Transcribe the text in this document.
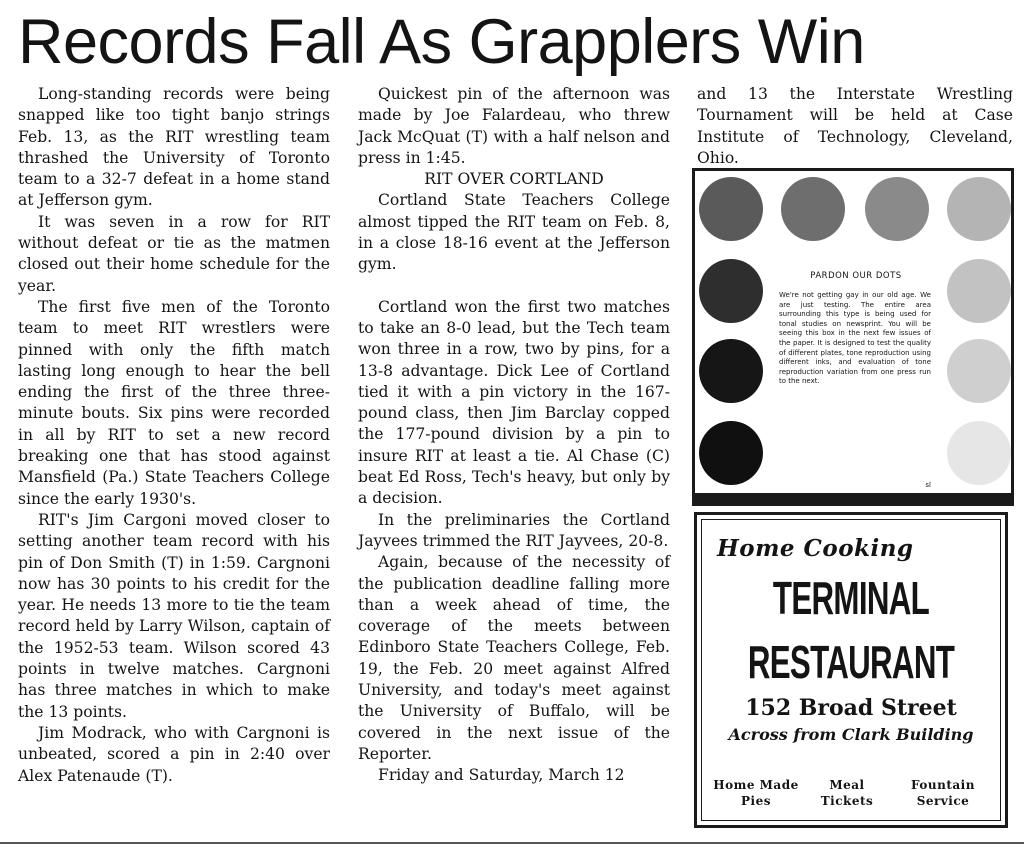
Records Fall As Grapplers Win

Long-standing records were being snapped like too tight banjo strings Feb. 13, as the RIT wrestling team thrashed the University of Toronto team to a 32-7 defeat in a home stand at Jefferson gym.

It was seven in a row for RIT without defeat or tie as the matmen closed out their home schedule for the year.

The first five men of the Toronto team to meet RIT wrestlers were pinned with only the fifth match lasting long enough to hear the bell ending the first of the three three-minute bouts. Six pins were recorded in all by RIT to set a new record breaking one that has stood against Mansfield (Pa.) State Teachers College since the early 1930's.

RIT's Jim Cargoni moved closer to setting another team record with his pin of Don Smith (T) in 1:59. Cargnoni now has 30 points to his credit for the year. He needs 13 more to tie the team record held by Larry Wilson, captain of the 1952-53 team. Wilson scored 43 points in twelve matches. Cargnoni has three matches in which to make the 13 points.

Jim Modrack, who with Cargnoni is unbeated, scored a pin in 2:40 over Alex Patenaude (T).

Quickest pin of the afternoon was made by Joe Falardeau, who threw Jack McQuat (T) with a half nelson and press in 1:45.

RIT OVER CORTLAND

Cortland State Teachers College almost tipped the RIT team on Feb. 8, in a close 18-16 event at the Jefferson gym.

Cortland won the first two matches to take an 8-0 lead, but the Tech team won three in a row, two by pins, for a 13-8 advantage. Dick Lee of Cortland tied it with a pin victory in the 167-pound class, then Jim Barclay copped the 177-pound division by a pin to insure RIT at least a tie. Al Chase (C) beat Ed Ross, Tech's heavy, but only by a decision.

In the preliminaries the Cortland Jayvees trimmed the RIT Jayvees, 20-8.

Again, because of the necessity of the publication deadline falling more than a week ahead of time, the coverage of the meets between Edinboro State Teachers College, Feb. 19, the Feb. 20 meet against Alfred University, and today's meet against the University of Buffalo, will be covered in the next issue of the Reporter.

Friday and Saturday, March 12

and 13 the Interstate Wrestling Tournament will be held at Case Institute of Technology, Cleveland, Ohio.

PARDON OUR DOTS
We're not getting gay in our old age. We are just testing. The entire area surrounding this type is being used for tonal studies on newsprint. You will be seeing this box in the next few issues of the paper. It is designed to test the quality of different plates, tone reproduction using different inks, and evaluation of tone reproduction variation from one press run to the next.
sl
Home Cooking
TERMINAL
RESTAURANT
152 Broad Street
Across from Clark Building
Home Made
Pies
Meal
Tickets
Fountain
Service
